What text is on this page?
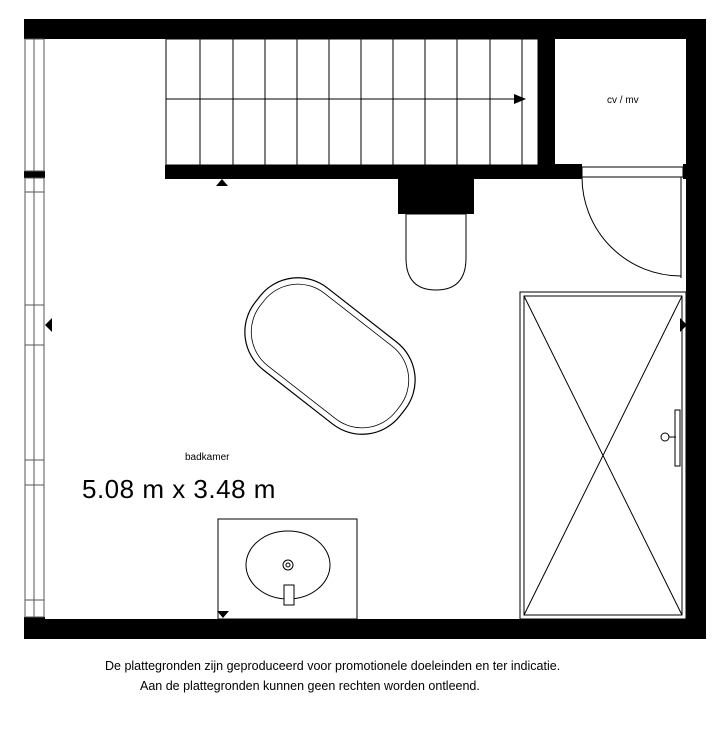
badkamer
5.08 m x 3.48 m
cv / mv
De plattegronden zijn geproduceerd voor promotionele doeleinden en ter indicatie.
Aan de plattegronden kunnen geen rechten worden ontleend.
